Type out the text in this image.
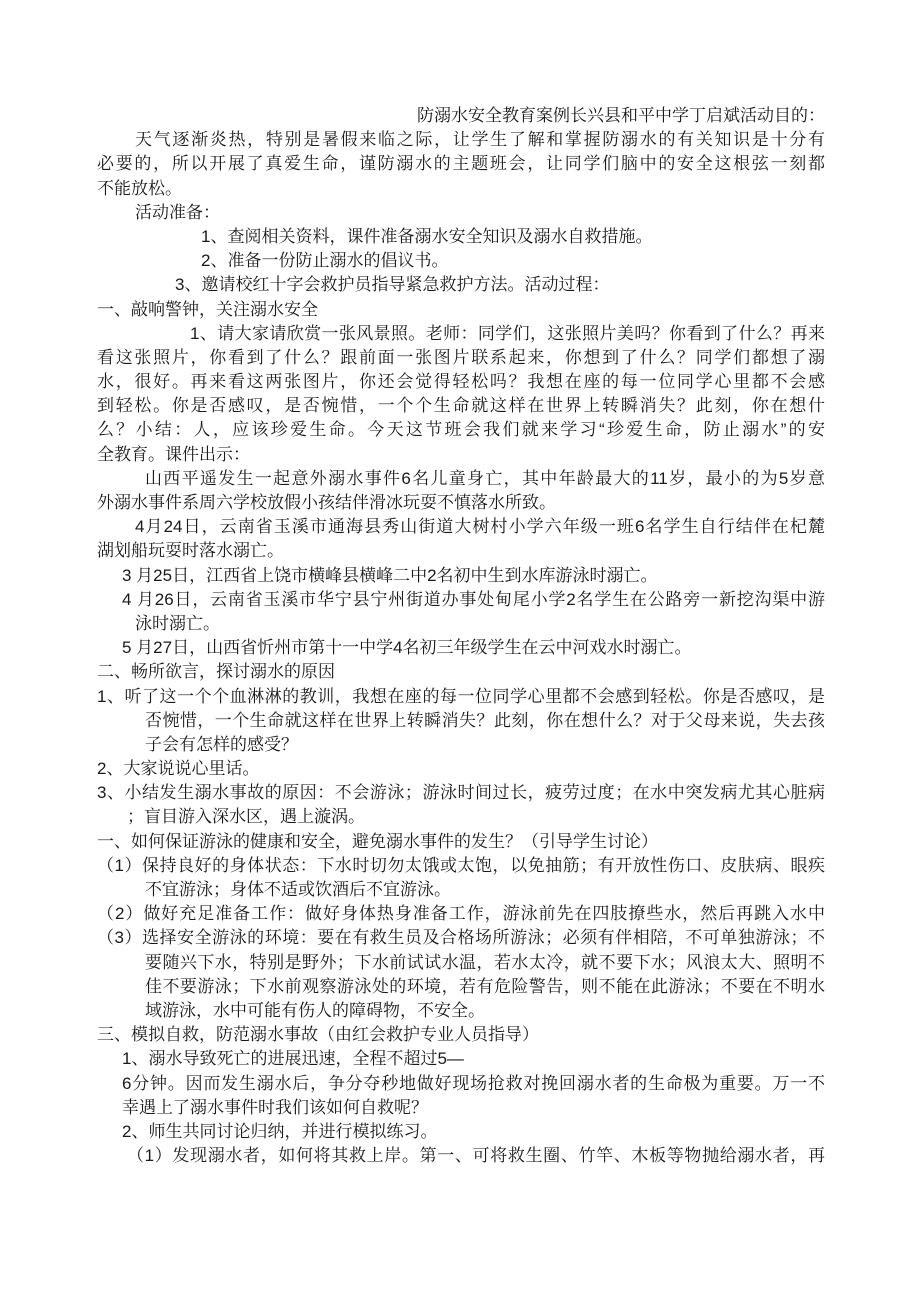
防溺水安全教育案例长兴县和平中学丁启斌活动目的：
天气逐渐炎热，特别是暑假来临之际，让学生了解和掌握防溺水的有关知识是十分有
必要的，所以开展了真爱生命，谨防溺水的主题班会，让同学们脑中的安全这根弦一刻都
不能放松。
活动准备：
1、查阅相关资料，课件准备溺水安全知识及溺水自救措施。
2、准备一份防止溺水的倡议书。
3、邀请校红十字会救护员指导紧急救护方法。活动过程：
一、敲响警钟，关注溺水安全
1、请大家请欣赏一张风景照。老师：同学们，这张照片美吗？你看到了什么？再来
看这张照片，你看到了什么？跟前面一张图片联系起来，你想到了什么？同学们都想了溺
水，很好。再来看这两张图片，你还会觉得轻松吗？我想在座的每一位同学心里都不会感
到轻松。你是否感叹，是否惋惜，一个个生命就这样在世界上转瞬消失？此刻，你在想什
么？小结：人，应该珍爱生命。今天这节班会我们就来学习“珍爱生命，防止溺水”的安
全教育。课件出示：
山西平遥发生一起意外溺水事件6名儿童身亡，其中年龄最大的11岁，最小的为5岁意
外溺水事件系周六学校放假小孩结伴滑冰玩耍不慎落水所致。
4月24日，云南省玉溪市通海县秀山街道大树村小学六年级一班6名学生自行结伴在杞麓
湖划船玩耍时落水溺亡。
3 月25日，江西省上饶市横峰县横峰二中2名初中生到水库游泳时溺亡。
4 月26日，云南省玉溪市华宁县宁州街道办事处甸尾小学2名学生在公路旁一新挖沟渠中游
泳时溺亡。
5 月27日，山西省忻州市第十一中学4名初三年级学生在云中河戏水时溺亡。
二、畅所欲言，探讨溺水的原因
1、听了这一个个血淋淋的教训，我想在座的每一位同学心里都不会感到轻松。你是否感叹，是
否惋惜，一个生命就这样在世界上转瞬消失？此刻，你在想什么？对于父母来说，失去孩
子会有怎样的感受？
2、大家说说心里话。
3、小结发生溺水事故的原因：不会游泳；游泳时间过长，疲劳过度；在水中突发病尤其心脏病
；盲目游入深水区，遇上漩涡。
一、如何保证游泳的健康和安全，避免溺水事件的发生？（引导学生讨论）
（1）保持良好的身体状态：下水时切勿太饿或太饱，以免抽筋；有开放性伤口、皮肤病、眼疾
不宜游泳；身体不适或饮酒后不宜游泳。
（2）做好充足准备工作：做好身体热身准备工作，游泳前先在四肢撩些水，然后再跳入水中
（3）选择安全游泳的环境：要在有救生员及合格场所游泳；必须有伴相陪，不可单独游泳；不
要随兴下水，特别是野外；下水前试试水温，若水太冷，就不要下水；风浪太大、照明不
佳不要游泳；下水前观察游泳处的环境，若有危险警告，则不能在此游泳；不要在不明水
域游泳，水中可能有伤人的障碍物，不安全。
三、模拟自救，防范溺水事故（由红会救护专业人员指导）
1、溺水导致死亡的进展迅速，全程不超过5—
6分钟。因而发生溺水后，争分夺秒地做好现场抢救对挽回溺水者的生命极为重要。万一不
幸遇上了溺水事件时我们该如何自救呢？
2、师生共同讨论归纳，并进行模拟练习。
（1）发现溺水者，如何将其救上岸。第一、可将救生圈、竹竿、木板等物抛给溺水者，再
